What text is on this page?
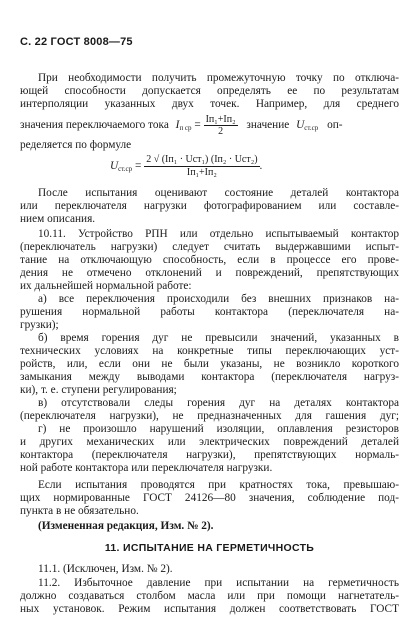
С. 22 ГОСТ 8008—75
При необходимости получить промежуточную точку по отключа-
ющей способности допускается определять ее по результатам
интерполяции указанных двух точек. Например, для среднего
значения переключаемого тока $I_{п ср} = \frac{\text{Iп₁+Iп₂}}{2}$ значение $U_{ст.ср}$ оп-
ределяется по формуле
$U_{ст.ср} = \frac{\text{2 √ (Iп₁ · Uст₁) (Iп₂ · Uст₂)}}{\text{Iп₁+Iп₂}}$ .
После испытания оценивают состояние деталей контактора
или переключателя нагрузки фотографированием или составле-
нием описания.
10.11. Устройство РПН или отдельно испытываемый контактор
(переключатель нагрузки) следует считать выдержавшими испыт-
тание на отключающую способность, если в процессе его прове-
дения не отмечено отклонений и повреждений, препятствующих
их дальнейшей нормальной работе:
а) все переключения происходили без внешних признаков на-
рушения нормальной работы контактора (переключателя на-
грузки);
б) время горения дуг не превысили значений, указанных в
технических условиях на конкретные типы переключающих уст-
ройств, или, если они не были указаны, не возникло короткого
замыкания между выводами контактора (переключателя нагруз-
ки), т. е. ступени регулирования;
в) отсутствовали следы горения дуг на деталях контактора
(переключателя нагрузки), не предназначенных для гашения дуг;
г) не произошло нарушений изоляции, оплавления резисторов
и других механических или электрических повреждений деталей
контактора (переключателя нагрузки), препятствующих нормаль-
ной работе контактора или переключателя нагрузки.
Если испытания проводятся при кратностях тока, превышаю-
щих нормированные ГОСТ 24126—80 значения, соблюдение под-
пункта в не обязательно.
(Измененная редакция, Изм. № 2).
11. ИСПЫТАНИЕ НА ГЕРМЕТИЧНОСТЬ
11.1. (Исключен, Изм. № 2).
11.2. Избыточное давление при испытании на герметичность
должно создаваться столбом масла или при помощи нагнетатель-
ных установок. Режим испытания должен соответствовать ГОСТ
